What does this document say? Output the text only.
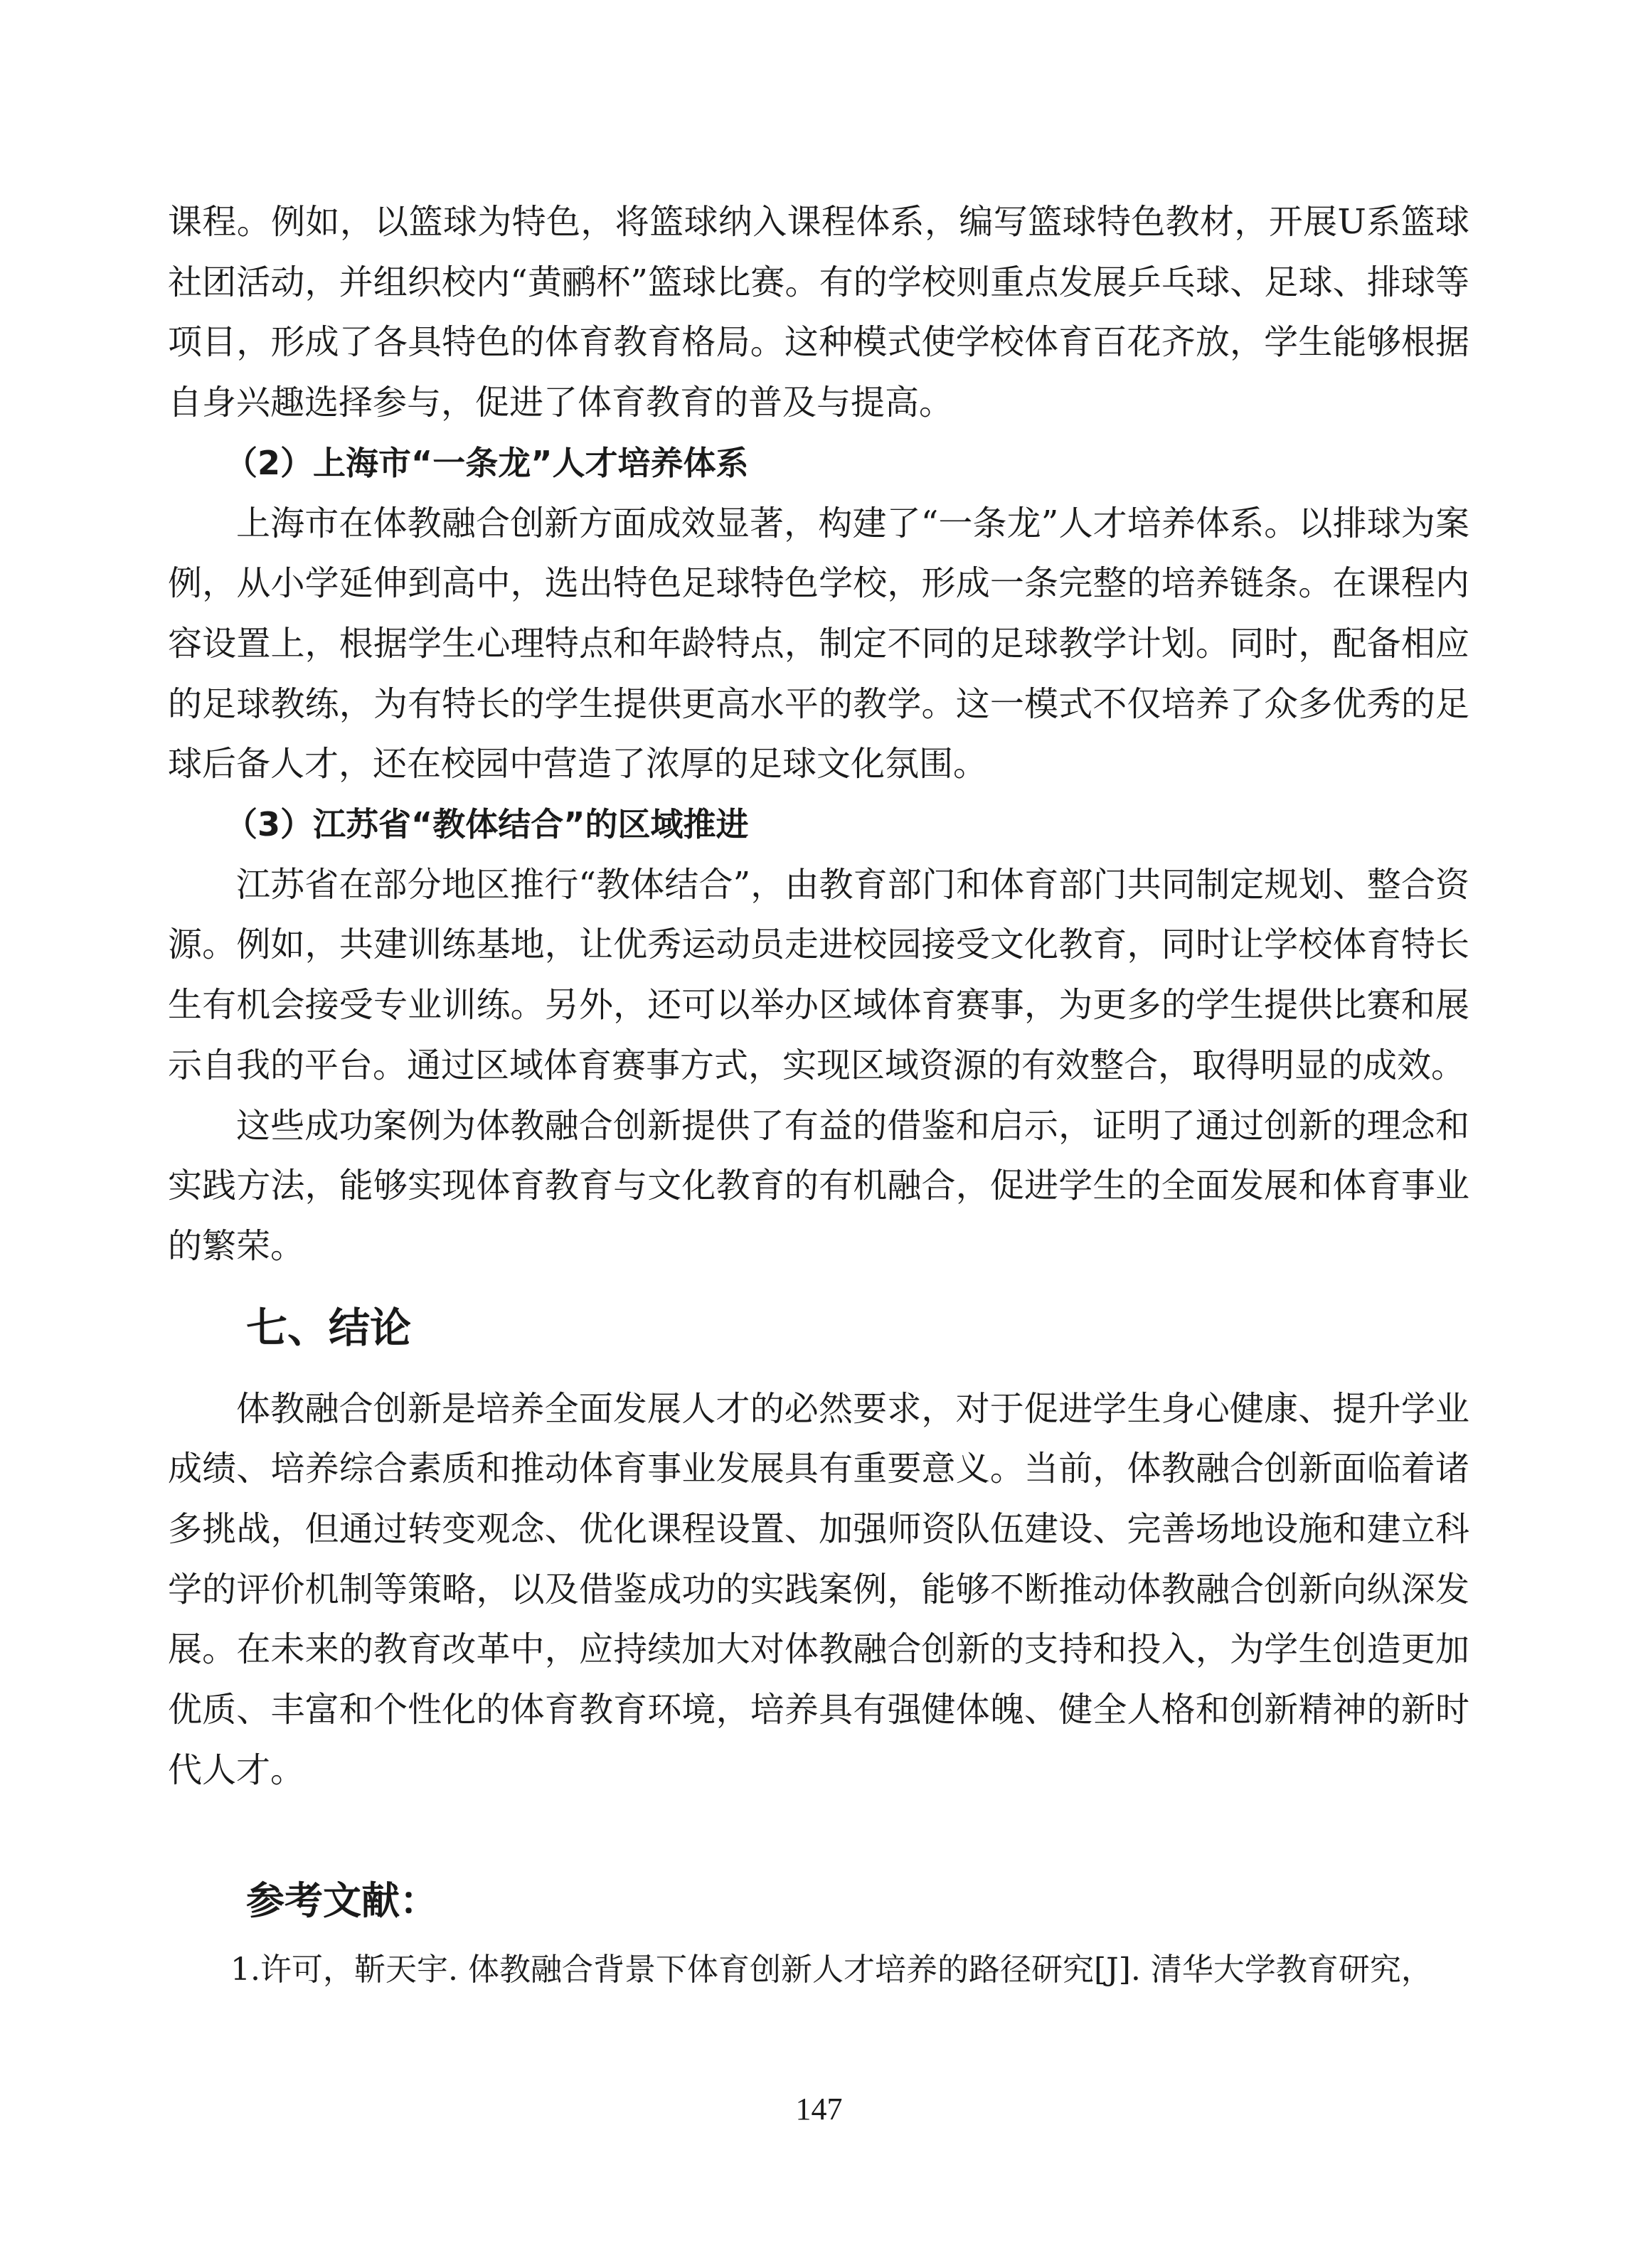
课程。例如，以篮球为特色，将篮球纳入课程体系，编写篮球特色教材，开展U系篮球社团活动，并组织校内“黄鹂杯”篮球比赛。有的学校则重点发展乒乓球、足球、排球等项目，形成了各具特色的体育教育格局。这种模式使学校体育百花齐放，学生能够根据自身兴趣选择参与，促进了体育教育的普及与提高。

（2）上海市“一条龙”人才培养体系

上海市在体教融合创新方面成效显著，构建了“一条龙”人才培养体系。以排球为案例，从小学延伸到高中，选出特色足球特色学校，形成一条完整的培养链条。在课程内容设置上，根据学生心理特点和年龄特点，制定不同的足球教学计划。同时，配备相应的足球教练，为有特长的学生提供更高水平的教学。这一模式不仅培养了众多优秀的足球后备人才，还在校园中营造了浓厚的足球文化氛围。

（3）江苏省“教体结合”的区域推进

江苏省在部分地区推行“教体结合”，由教育部门和体育部门共同制定规划、整合资源。例如，共建训练基地，让优秀运动员走进校园接受文化教育，同时让学校体育特长生有机会接受专业训练。另外，还可以举办区域体育赛事，为更多的学生提供比赛和展示自我的平台。通过区域体育赛事方式，实现区域资源的有效整合，取得明显的成效。

这些成功案例为体教融合创新提供了有益的借鉴和启示，证明了通过创新的理念和实践方法，能够实现体育教育与文化教育的有机融合，促进学生的全面发展和体育事业的繁荣。

七、结论

体教融合创新是培养全面发展人才的必然要求，对于促进学生身心健康、提升学业成绩、培养综合素质和推动体育事业发展具有重要意义。当前，体教融合创新面临着诸多挑战，但通过转变观念、优化课程设置、加强师资队伍建设、完善场地设施和建立科学的评价机制等策略，以及借鉴成功的实践案例，能够不断推动体教融合创新向纵深发展。在未来的教育改革中，应持续加大对体教融合创新的支持和投入，为学生创造更加优质、丰富和个性化的体育教育环境，培养具有强健体魄、健全人格和创新精神的新时代人才。

参考文献：

1.许可，靳天宇. 体教融合背景下体育创新人才培养的路径研究[J]. 清华大学教育研究，

147
